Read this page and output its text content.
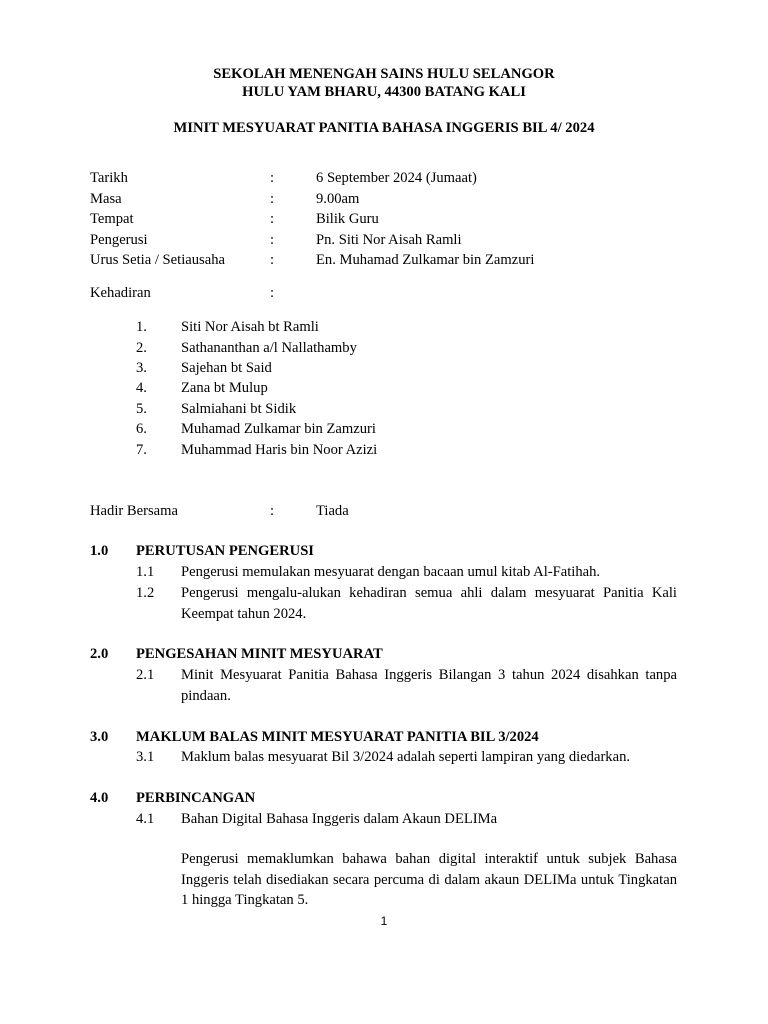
SEKOLAH MENENGAH SAINS HULU SELANGOR
HULU YAM BHARU, 44300 BATANG KALI
MINIT MESYUARAT PANITIA BAHASA INGGERIS BIL 4/ 2024
Tarikh	:	6 September 2024 (Jumaat)
Masa	:	9.00am
Tempat	:	Bilik Guru
Pengerusi	:	Pn. Siti Nor Aisah Ramli
Urus Setia / Setiausaha	:	En. Muhamad Zulkamar bin Zamzuri
Kehadiran	:
1. Siti Nor Aisah bt Ramli
2. Sathananthan a/l Nallathamby
3. Sajehan bt Said
4. Zana bt Mulup
5. Salmiahani bt Sidik
6. Muhamad Zulkamar bin Zamzuri
7. Muhammad Haris bin Noor Azizi
Hadir Bersama	:	Tiada
1.0 PERUTUSAN PENGERUSI
1.1 Pengerusi memulakan mesyuarat dengan bacaan umul kitab Al-Fatihah.
1.2 Pengerusi mengalu-alukan kehadiran semua ahli dalam mesyuarat Panitia Kali Keempat tahun 2024.
2.0 PENGESAHAN MINIT MESYUARAT
2.1 Minit Mesyuarat Panitia Bahasa Inggeris Bilangan 3 tahun 2024 disahkan tanpa pindaan.
3.0 MAKLUM BALAS MINIT MESYUARAT PANITIA BIL 3/2024
3.1 Maklum balas mesyuarat Bil 3/2024 adalah seperti lampiran yang diedarkan.
4.0 PERBINCANGAN
4.1 Bahan Digital Bahasa Inggeris dalam Akaun DELIMa
Pengerusi memaklumkan bahawa bahan digital interaktif untuk subjek Bahasa Inggeris telah disediakan secara percuma di dalam akaun DELIMa untuk Tingkatan 1 hingga Tingkatan 5.
1
